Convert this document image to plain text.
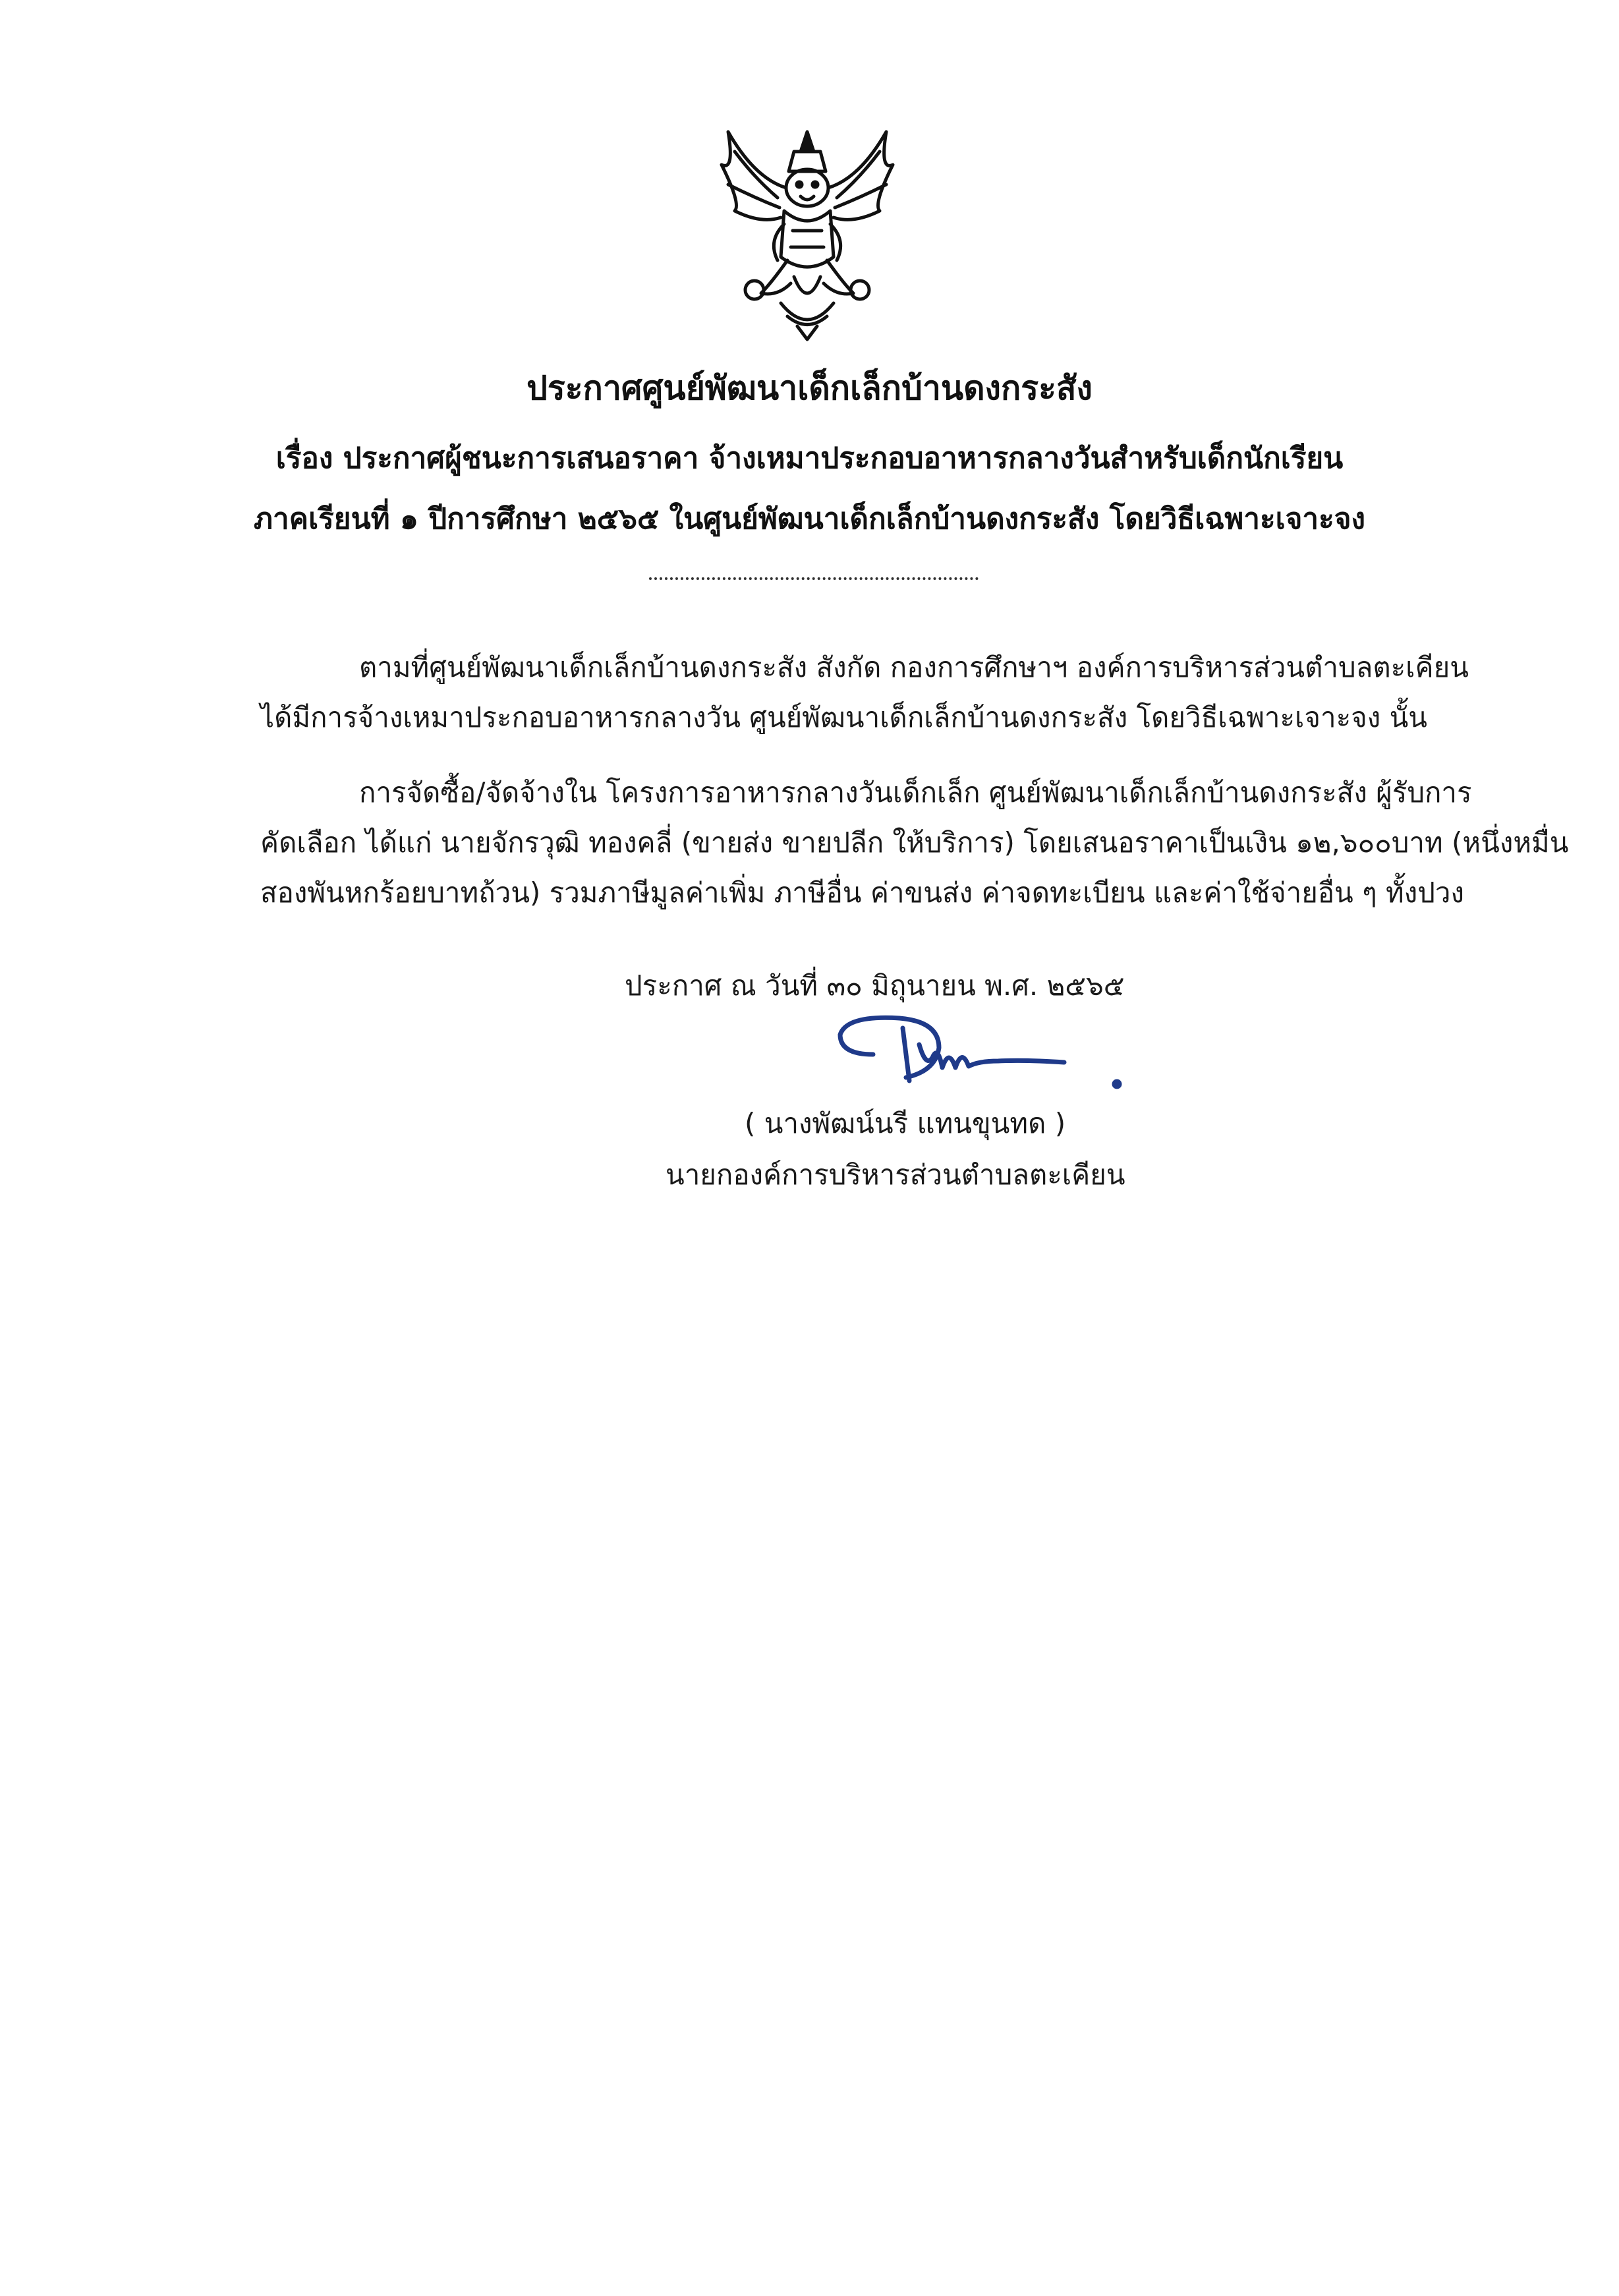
ประกาศศูนย์พัฒนาเด็กเล็กบ้านดงกระสัง
เรื่อง ประกาศผู้ชนะการเสนอราคา จ้างเหมาประกอบอาหารกลางวันสำหรับเด็กนักเรียน
ภาคเรียนที่ ๑ ปีการศึกษา ๒๕๖๕ ในศูนย์พัฒนาเด็กเล็กบ้านดงกระสัง โดยวิธีเฉพาะเจาะจง
ตามที่ศูนย์พัฒนาเด็กเล็กบ้านดงกระสัง สังกัด กองการศึกษาฯ องค์การบริหารส่วนตำบลตะเคียน
ได้มีการจ้างเหมาประกอบอาหารกลางวัน ศูนย์พัฒนาเด็กเล็กบ้านดงกระสัง โดยวิธีเฉพาะเจาะจง นั้น
การจัดซื้อ/จัดจ้างใน โครงการอาหารกลางวันเด็กเล็ก ศูนย์พัฒนาเด็กเล็กบ้านดงกระสัง ผู้รับการ
คัดเลือก ได้แก่ นายจักรวุฒิ ทองคลี่ (ขายส่ง ขายปลีก ให้บริการ) โดยเสนอราคาเป็นเงิน ๑๒,๖๐๐บาท (หนึ่งหมื่น
สองพันหกร้อยบาทถ้วน) รวมภาษีมูลค่าเพิ่ม ภาษีอื่น ค่าขนส่ง ค่าจดทะเบียน และค่าใช้จ่ายอื่น ๆ ทั้งปวง
ประกาศ ณ วันที่ ๓๐ มิถุนายน พ.ศ. ๒๕๖๕
( นางพัฒน์นรี แทนขุนทด )
นายกองค์การบริหารส่วนตำบลตะเคียน
